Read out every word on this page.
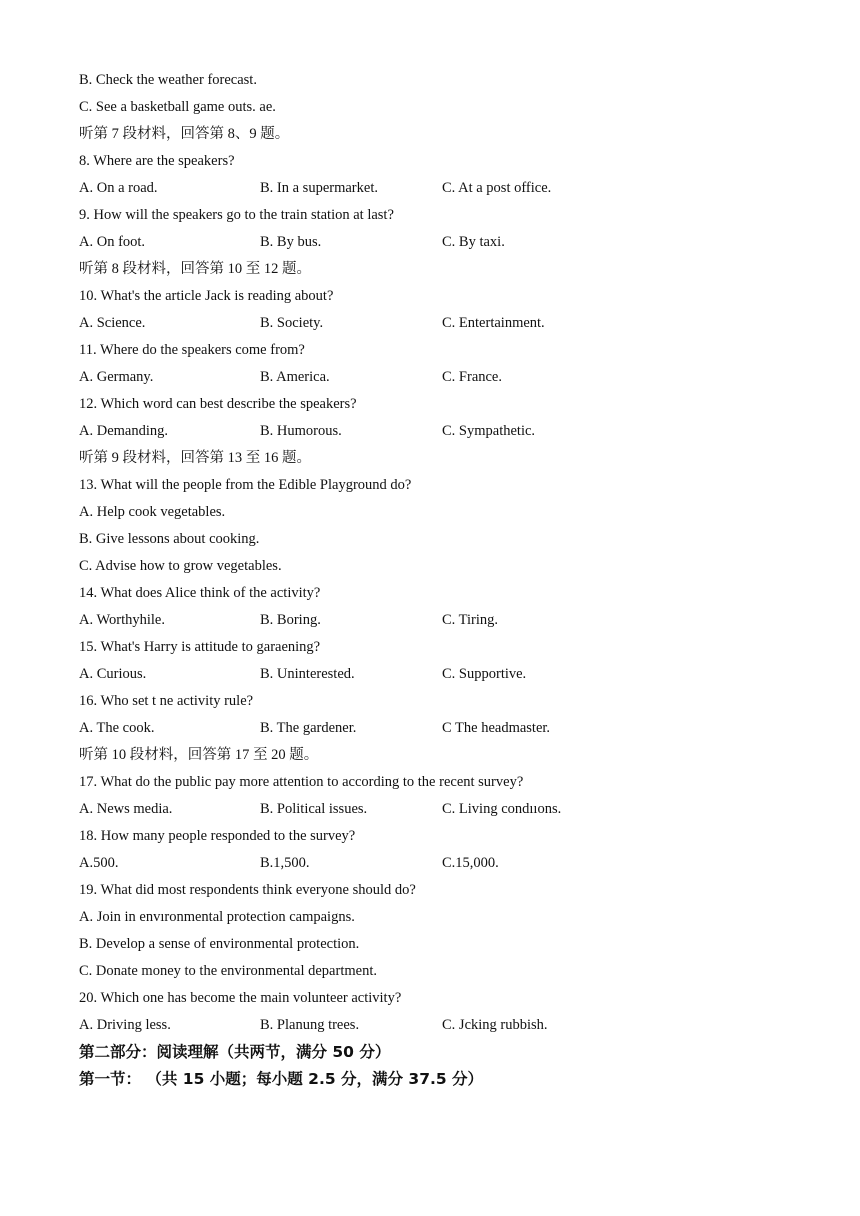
B. Check the weather forecast.
C. See a basketball game outs. ae.
听第 7 段材料，回答第 8、9 题。
8. Where are the speakers?
A. On a road.	B. In a supermarket.	C. At a post office.
9. How will the speakers go to the train station at last?
A. On foot.	B. By bus.	C. By taxi.
听第 8 段材料，回答第 10 至 12 题。
10. What's the article Jack is reading about?
A. Science.	B. Society.	C. Entertainment.
11. Where do the speakers come from?
A. Germany.	B. America.	C. France.
12. Which word can best describe the speakers?
A. Demanding.	B. Humorous.	C. Sympathetic.
听第 9 段材料，回答第 13 至 16 题。
13. What will the people from the Edible Playground do?
A. Help cook vegetables.
B. Give lessons about cooking.
C. Advise how to grow vegetables.
14. What does Alice think of the activity?
A. Worthyhile.	B. Boring.	C. Tiring.
15. What's Harry is attitude to garaening?
A. Curious.	B. Uninterested.	C. Supportive.
16. Who set t ne activity rule?
A. The cook.	B. The gardener.	C The headmaster.
听第 10 段材料，回答第 17 至 20 题。
17. What do the public pay more attention to according to the recent survey?
A. News media.	B. Political issues.	C. Living condııons.
18. How many people responded to the survey?
A.500.	B.1,500.	C.15,000.
19. What did most respondents think everyone should do?
A. Join in envıronmental protection campaigns.
B. Develop a sense of environmental protection.
C. Donate money to the environmental department.
20. Which one has become the main volunteer activity?
A. Driving less.	B. Planung trees.	C. Jcking rubbish.
第二部分：阅读理解（共两节，满分 50 分）
第一节： （共 15 小题；每小题 2.5 分，满分 37.5 分）
